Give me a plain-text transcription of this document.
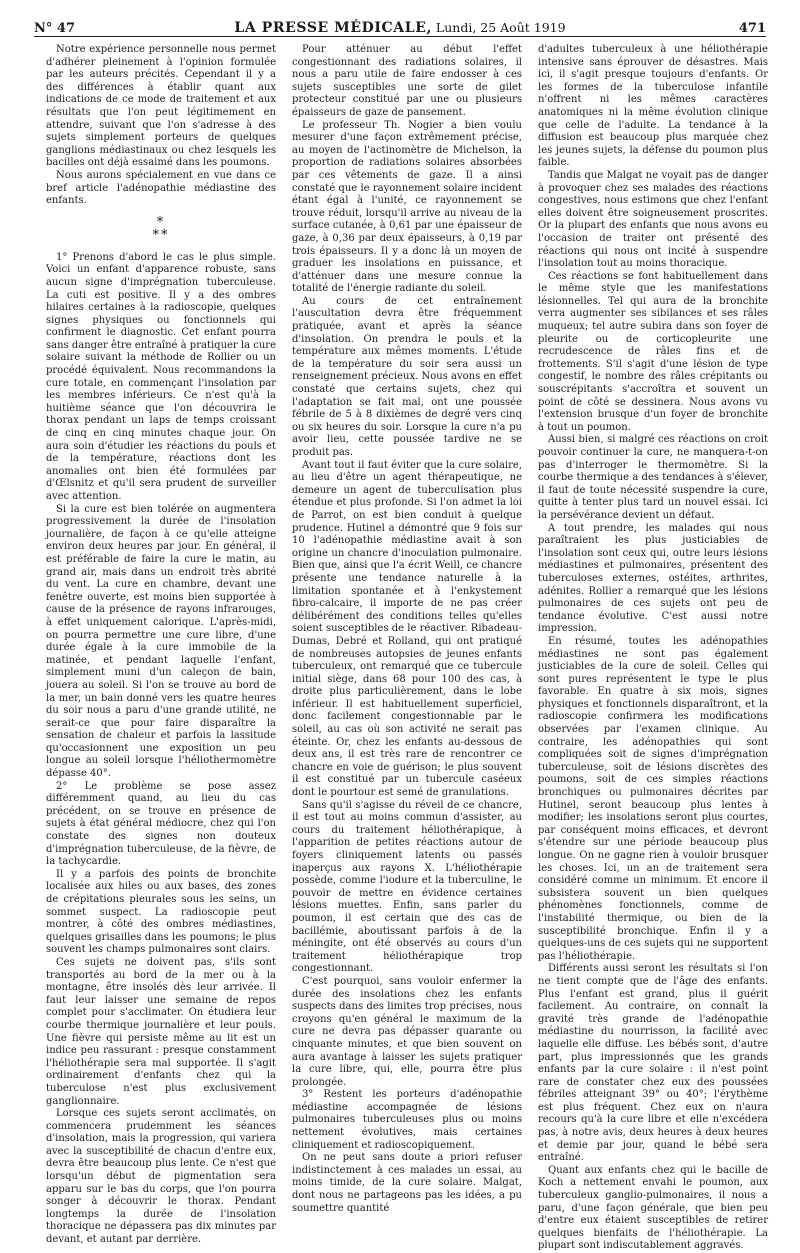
N° 47	LA PRESSE MÉDICALE, Lundi, 25 Août 1919	471

Notre expérience personnelle nous permet d'adhérer pleinement à l'opinion formulée par les auteurs précités. Cependant il y a des différences à établir quant aux indications de ce mode de traitement et aux résultats que l'on peut légitimement en attendre, suivant que l'on s'adresse à des sujets simplement porteurs de quelques ganglions médiastinaux ou chez lesquels les bacilles ont déjà essaimé dans les poumons.

Nous aurons spécialement en vue dans ce bref article l'adénopathie médiastine des enfants.

*
**

1° Prenons d'abord le cas le plus simple. Voici un enfant d'apparence robuste, sans aucun signe d'imprégnation tuberculeuse. La cuti est positive. Il y a des ombres hilaires certaines à la radioscopie, quelques signes physiques ou fonctionnels qui confirment le diagnostic. Cet enfant pourra sans danger être entraîné à pratiquer la cure solaire suivant la méthode de Rollier ou un procédé équivalent. Nous recommandons la cure totale, en commençant l'insolation par les membres inférieurs. Ce n'est qu'à la huitième séance que l'on découvrira le thorax pendant un laps de temps croissant de cinq en cinq minutes chaque jour. On aura soin d'étudier les réactions du pouls et de la température, réactions dont les anomalies ont bien été formulées par d'Œlsnitz et qu'il sera prudent de surveiller avec attention.

Si la cure est bien tolérée on augmentera progressivement la durée de l'insolation journalière, de façon à ce qu'elle atteigne environ deux heures par jour. En général, il est préférable de faire la cure le matin, au grand air, mais dans un endroit très abrité du vent. La cure en chambre, devant une fenêtre ouverte, est moins bien supportée à cause de la présence de rayons infrarouges, à effet uniquement calorique. L'après-midi, on pourra permettre une cure libre, d'une durée égale à la cure immobile de la matinée, et pendant laquelle l'enfant, simplement muni d'un caleçon de bain, jouera au soleil. Si l'on se trouve au bord de la mer, un bain donné vers les quatre heures du soir nous a paru d'une grande utilité, ne serait-ce que pour faire disparaître la sensation de chaleur et parfois la lassitude qu'occasionnent une exposition un peu longue au soleil lorsque l'héliothermomètre dépasse 40°.

2° Le problème se pose assez différemment quand, au lieu du cas précédent, on se trouve en présence de sujets à état général médiocre, chez qui l'on constate des signes non douteux d'imprégnation tuberculeuse, de la fièvre, de la tachycardie.

Il y a parfois des points de bronchite localisée aux hiles ou aux bases, des zones de crépitations pleurales sous les seins, un sommet suspect. La radioscopie peut montrer, à côté des ombres médiastines, quelques grisailles dans les poumons; le plus souvent les champs pulmonaires sont clairs.

Ces sujets ne doivent pas, s'ils sont transportés au bord de la mer ou à la montagne, être insolés dès leur arrivée. Il faut leur laisser une semaine de repos complet pour s'acclimater. On étudiera leur courbe thermique journalière et leur pouls. Une fièvre qui persiste même au lit est un indice peu rassurant : presque constamment l'héliothérapie sera mal supportée. Il s'agit ordinairement d'enfants chez qui la tuberculose n'est plus exclusivement ganglionnaire.

Lorsque ces sujets seront acclimatés, on commencera prudemment les séances d'insolation, mais la progression, qui variera avec la susceptibilité de chacun d'entre eux, devra être beaucoup plus lente. Ce n'est que lorsqu'un début de pigmentation sera apparu sur le bas du corps, que l'on pourra songer à découvrir le thorax. Pendant longtemps la durée de l'insolation thoracique ne dépassera pas dix minutes par devant, et autant par derrière.

Pour atténuer au début l'effet congestionnant des radiations solaires, il nous a paru utile de faire endosser à ces sujets susceptibles une sorte de gilet protecteur constitué par une ou plusieurs épaisseurs de gaze de pansement.

Le professeur Th. Nogier a bien voulu mesurer d'une façon extrêmement précise, au moyen de l'actinomètre de Michelson, la proportion de radiations solaires absorbées par ces vêtements de gaze. Il a ainsi constaté que le rayonnement solaire incident étant égal à l'unité, ce rayonnement se trouve réduit, lorsqu'il arrive au niveau de la surface cutanée, à 0,61 par une épaisseur de gaze, à 0,36 par deux épaisseurs, à 0,19 par trois épaisseurs. Il y a donc là un moyen de graduer les insolations en puissance, et d'atténuer dans une mesure connue la totalité de l'énergie radiante du soleil.

Au cours de cet entraînement l'auscultation devra être fréquemment pratiquée, avant et après la séance d'insolation. On prendra le pouls et la température aux mêmes moments. L'étude de la température du soir sera aussi un renseignement précieux. Nous avons en effet constaté que certains sujets, chez qui l'adaptation se fait mal, ont une poussée fébrile de 5 à 8 dixièmes de degré vers cinq ou six heures du soir. Lorsque la cure n'a pu avoir lieu, cette poussée tardive ne se produit pas.

Avant tout il faut éviter que la cure solaire, au lieu d'être un agent thérapeutique, ne demeure un agent de tuberculisation plus étendue et plus profonde. Si l'on admet la loi de Parrot, on est bien conduit à quelque prudence. Hutinel a démontré que 9 fois sur 10 l'adénopathie médiastine avait à son origine un chancre d'inoculation pulmonaire. Bien que, ainsi que l'a écrit Weill, ce chancre présente une tendance naturelle à la limitation spontanée et à l'enkystement fibro-calcaire, il importe de ne pas créer délibérément des conditions telles qu'elles soient susceptibles de le réactiver. Ribadeau-Dumas, Debré et Rolland, qui ont pratiqué de nombreuses autopsies de jeunes enfants tuberculeux, ont remarqué que ce tubercule initial siège, dans 68 pour 100 des cas, à droite plus particulièrement, dans le lobe inférieur. Il est habituellement superficiel, donc facilement congestionnable par le soleil, au cas où son activité ne serait pas éteinte. Or, chez les enfants au-dessous de deux ans, il est très rare de rencontrer ce chancre en voie de guérison; le plus souvent il est constitué par un tubercule caséeux dont le pourtour est semé de granulations.

Sans qu'il s'agisse du réveil de ce chancre, il est tout au moins commun d'assister, au cours du traitement héliothérapique, à l'apparition de petites réactions autour de foyers cliniquement latents ou passés inaperçus aux rayons X. L'héliothérapie possède, comme l'iodure et la tuberculine, le pouvoir de mettre en évidence certaines lésions muettes. Enfin, sans parler du poumon, il est certain que des cas de bacillémie, aboutissant parfois à de la méningite, ont été observés au cours d'un traitement héliothérapique trop congestionnant.

C'est pourquoi, sans vouloir enfermer la durée des insolations chez les enfants suspects dans des limites trop précises, nous croyons qu'en général le maximum de la cure ne devra pas dépasser quarante ou cinquante minutes, et que bien souvent on aura avantage à laisser les sujets pratiquer la cure libre, qui, elle, pourra être plus prolongée.

3° Restent les porteurs d'adénopathie médiastine accompagnée de lésions pulmonaires tuberculeuses plus ou moins nettement évolutives, mais certaines cliniquement et radioscopiquement.

On ne peut sans doute a priori refuser indistinctement à ces malades un essai, au moins timide, de la cure solaire. Malgat, dont nous ne partageons pas les idées, a pu soumettre quantité

d'adultes tuberculeux à une héliothérapie intensive sans éprouver de désastres. Mais ici, il s'agit presque toujours d'enfants. Or les formes de la tuberculose infantile n'offrent ni les mêmes caractères anatomiques ni la même évolution clinique que celle de l'adulte. La tendance à la diffusion est beaucoup plus marquée chez les jeunes sujets, la défense du poumon plus faible.

Tandis que Malgat ne voyait pas de danger à provoquer chez ses malades des réactions congestives, nous estimons que chez l'enfant elles doivent être soigneusement proscrites. Or la plupart des enfants que nous avons eu l'occasion de traiter ont présenté des réactions qui nous ont incité à suspendre l'insolation tout au moins thoracique.

Ces réactions se font habituellement dans le même style que les manifestations lésionnelles. Tel qui aura de la bronchite verra augmenter ses sibilances et ses râles muqueux; tel autre subira dans son foyer de pleurite ou de corticopleurite une recrudescence de râles fins et de frottements. S'il s'agit d'une lésion de type congestif, le nombre des râles crépitants ou souscrépitants s'accroîtra et souvent un point de côté se dessinera. Nous avons vu l'extension brusque d'un foyer de bronchite à tout un poumon.

Aussi bien, si malgré ces réactions on croit pouvoir continuer la cure, ne manquera-t-on pas d'interroger le thermomètre. Si la courbe thermique a des tendances à s'élever, il faut de toute nécessité suspendre la cure, quitte à tenter plus tard un nouvel essai. Ici la persévérance devient un défaut.

A tout prendre, les malades qui nous paraîtraient les plus justiciables de l'insolation sont ceux qui, outre leurs lésions médiastines et pulmonaires, présentent des tuberculoses externes, ostéites, arthrites, adénites. Rollier a remarqué que les lésions pulmonaires de ces sujets ont peu de tendance évolutive. C'est aussi notre impression.

En résumé, toutes les adénopathies médiastines ne sont pas également justiciables de la cure de soleil. Celles qui sont pures représentent le type le plus favorable. En quatre à six mois, signes physiques et fonctionnels disparaîtront, et la radioscopie confirmera les modifications observées par l'examen clinique. Au contraire, les adénopathies qui sont compliquées soit de signes d'imprégnation tuberculeuse, soit de lésions discrètes des poumons, soit de ces simples réactions bronchiques ou pulmonaires décrites par Hutinel, seront beaucoup plus lentes à modifier; les insolations seront plus courtes, par conséquent moins efficaces, et devront s'étendre sur une période beaucoup plus longue. On ne gagne rien à vouloir brusquer les choses. Ici, un an de traitement sera considéré comme un minimum. Et encore il subsistera souvent un bien quelques phénomènes fonctionnels, comme de l'instabilité thermique, ou bien de la susceptibilité bronchique. Enfin il y a quelques-uns de ces sujets qui ne supportent pas l'héliothérapie.

Différents aussi seront les résultats si l'on ne tient compte que de l'âge des enfants. Plus l'enfant est grand, plus il guérit facilement. Au contraire, on connaît la gravité très grande de l'adénopathie médiastine du nourrisson, la facilité avec laquelle elle diffuse. Les bébés sont, d'autre part, plus impressionnés que les grands enfants par la cure solaire : il n'est point rare de constater chez eux des poussées fébriles atteignant 39° ou 40°; l'érythème est plus fréquent. Chez eux on n'aura recours qu'à la cure libre et elle n'excédera pas, à notre avis, deux heures à deux heures et demie par jour, quand le bébé sera entraîné.

Quant aux enfants chez qui le bacille de Koch a nettement envahi le poumon, aux tuberculeux ganglio-pulmonaires, il nous a paru, d'une façon générale, que bien peu d'entre eux étaient susceptibles de retirer quelques bienfaits de l'héliothérapie. La plupart sont indiscutablement aggravés.
